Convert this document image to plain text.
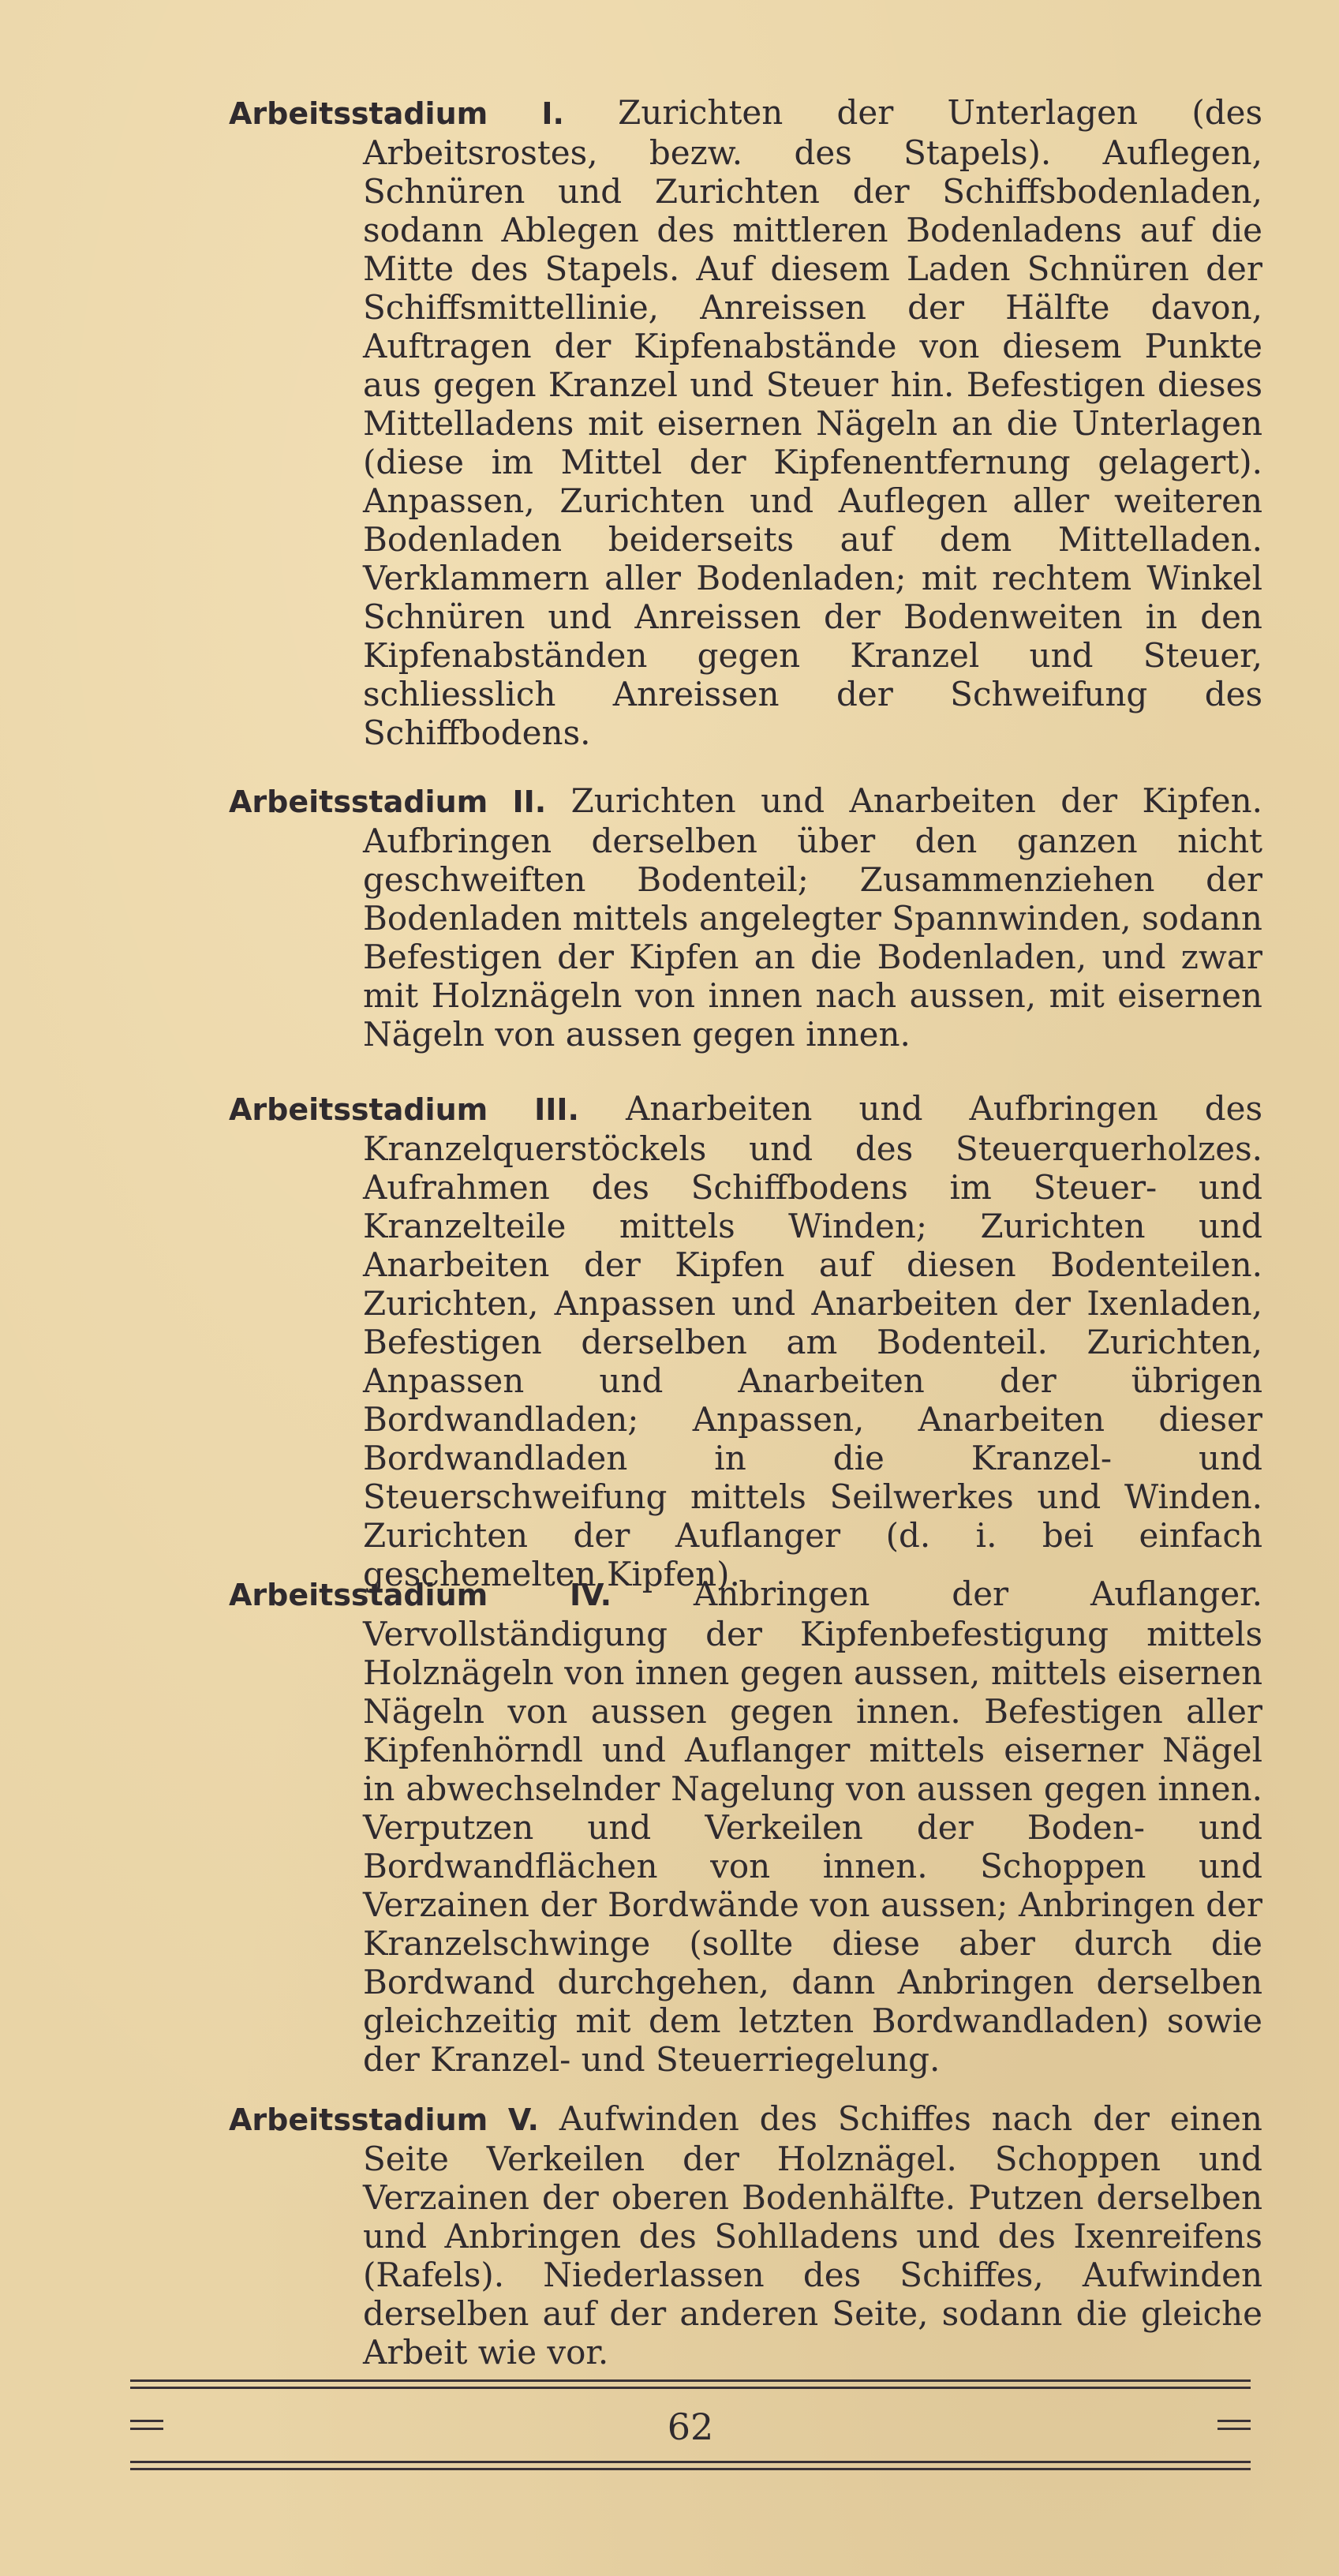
Arbeitsstadium I. Zurichten der Unterlagen (des Arbeitsrostes, bezw. des Stapels). Auflegen, Schnüren und Zurichten der Schiffsbodenladen, sodann Ablegen des mittleren Bodenladens auf die Mitte des Stapels. Auf diesem Laden Schnüren der Schiffsmittellinie, Anreissen der Hälfte davon, Auftragen der Kipfenabstände von diesem Punkte aus gegen Kranzel und Steuer hin. Befestigen dieses Mittelladens mit eisernen Nägeln an die Unterlagen (diese im Mittel der Kipfenentfernung gelagert). Anpassen, Zurichten und Auflegen aller weiteren Bodenladen beiderseits auf dem Mittelladen. Verklammern aller Bodenladen; mit rechtem Winkel Schnüren und Anreissen der Bodenweiten in den Kipfenabständen gegen Kranzel und Steuer, schliesslich Anreissen der Schweifung des Schiffbodens.

Arbeitsstadium II. Zurichten und Anarbeiten der Kipfen. Aufbringen derselben über den ganzen nicht geschweiften Bodenteil; Zusammenziehen der Bodenladen mittels angelegter Spannwinden, sodann Befestigen der Kipfen an die Bodenladen, und zwar mit Holznägeln von innen nach aussen, mit eisernen Nägeln von aussen gegen innen.

Arbeitsstadium III. Anarbeiten und Aufbringen des Kranzelquerstöckels und des Steuerquerholzes. Aufrahmen des Schiffbodens im Steuer- und Kranzelteile mittels Winden; Zurichten und Anarbeiten der Kipfen auf diesen Bodenteilen. Zurichten, Anpassen und Anarbeiten der Ixenladen, Befestigen derselben am Bodenteil. Zurichten, Anpassen und Anarbeiten der übrigen Bordwandladen; Anpassen, Anarbeiten dieser Bordwandladen in die Kranzel- und Steuerschweifung mittels Seilwerkes und Winden. Zurichten der Auflanger (d. i. bei einfach geschemelten Kipfen).

Arbeitsstadium IV. Anbringen der Auflanger. Vervollständigung der Kipfenbefestigung mittels Holznägeln von innen gegen aussen, mittels eisernen Nägeln von aussen gegen innen. Befestigen aller Kipfenhörndl und Auflanger mittels eiserner Nägel in abwechselnder Nagelung von aussen gegen innen. Verputzen und Verkeilen der Boden- und Bordwandflächen von innen. Schoppen und Verzainen der Bordwände von aussen; Anbringen der Kranzelschwinge (sollte diese aber durch die Bordwand durchgehen, dann Anbringen derselben gleichzeitig mit dem letzten Bordwandladen) sowie der Kranzel- und Steuerriegelung.

Arbeitsstadium V. Aufwinden des Schiffes nach der einen Seite Verkeilen der Holznägel. Schoppen und Verzainen der oberen Bodenhälfte. Putzen derselben und Anbringen des Sohlladens und des Ixenreifens (Rafels). Niederlassen des Schiffes, Aufwinden derselben auf der anderen Seite, sodann die gleiche Arbeit wie vor.

62
